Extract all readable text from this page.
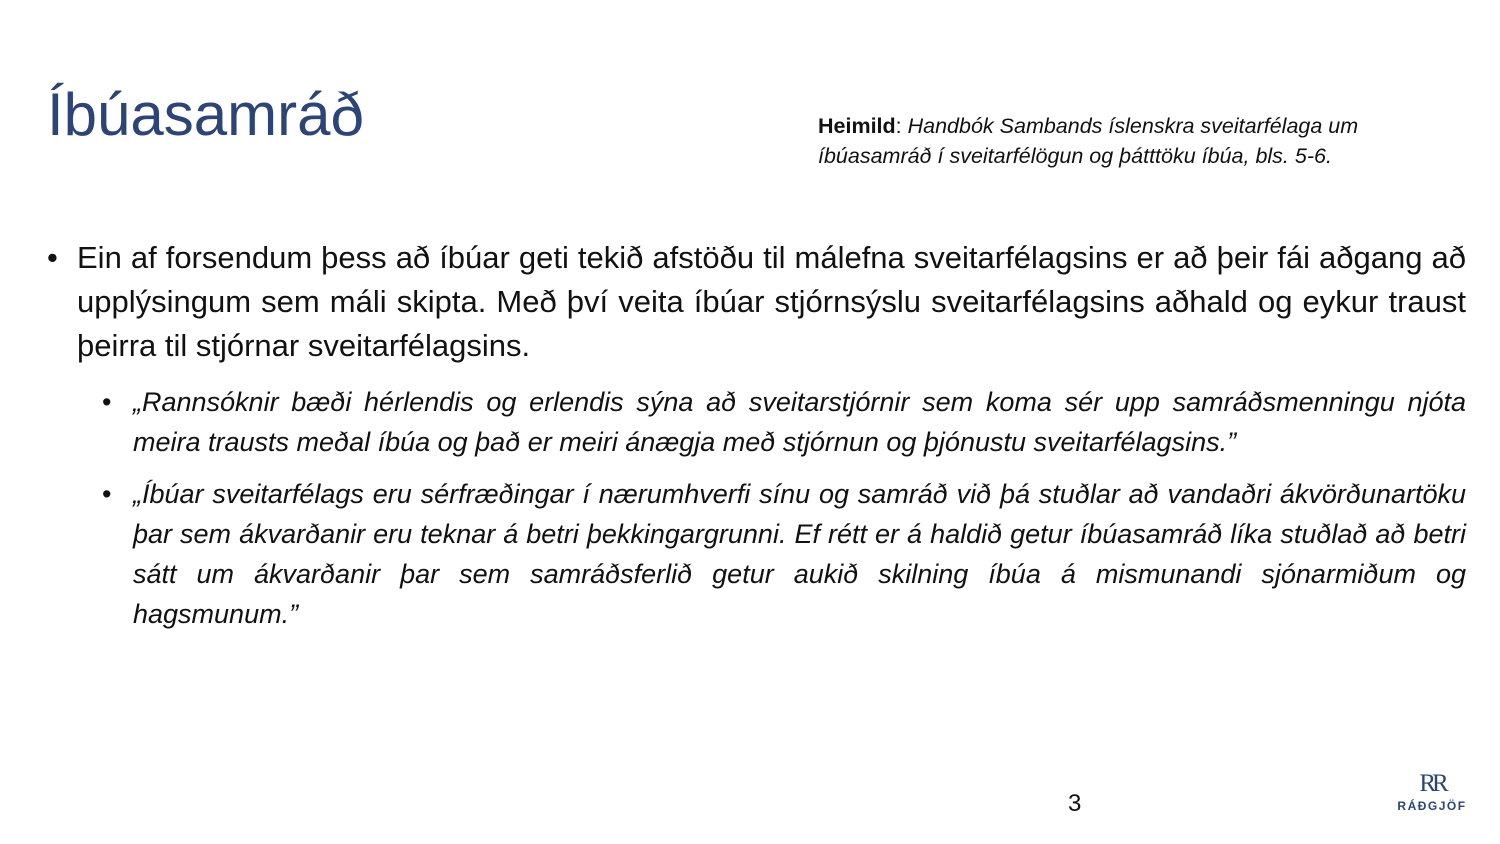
Íbúasamráð	Heimild: Handbók Sambands íslenskra sveitarfélaga um íbúasamráð í sveitarfélögun og þátttöku íbúa, bls. 5-6.
• Ein af forsendum þess að íbúar geti tekið afstöðu til málefna sveitarfélagsins er að þeir fái aðgang að upplýsingum sem máli skipta. Með því veita íbúar stjórnsýslu sveitarfélagsins aðhald og eykur traust þeirra til stjórnar sveitarfélagsins.
• „Rannsóknir bæði hérlendis og erlendis sýna að sveitarstjórnir sem koma sér upp samráðsmenningu njóta meira trausts meðal íbúa og það er meiri ánægja með stjórnun og þjónustu sveitarfélagsins.”
• „Íbúar sveitarfélags eru sérfræðingar í nærumhverfi sínu og samráð við þá stuðlar að vandaðri ákvörðunartöku þar sem ákvarðanir eru teknar á betri þekkingargrunni. Ef rétt er á haldið getur íbúasamráð líka stuðlað að betri sátt um ákvarðanir þar sem samráðsferlið getur aukið skilning íbúa á mismunandi sjónarmiðum og hagsmunum.”
3
RR
RÁÐGJÖF
